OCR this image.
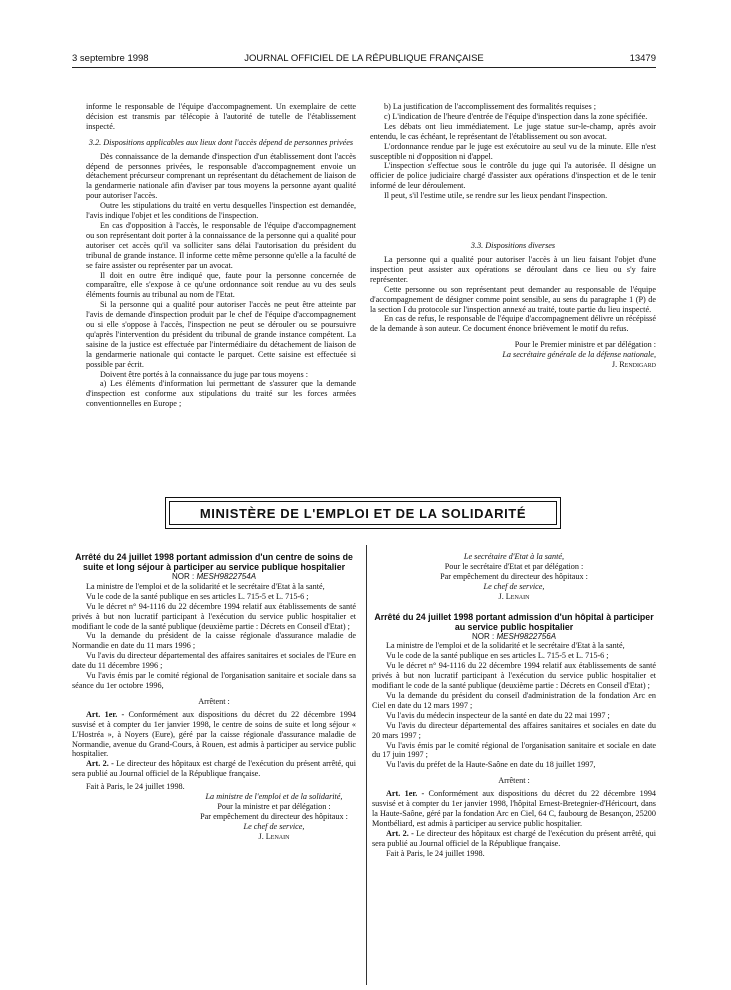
3 septembre 1998	JOURNAL OFFICIEL DE LA RÉPUBLIQUE FRANÇAISE	13479

informe le responsable de l'équipe d'accompagnement. Un exemplaire de cette décision est transmis par télécopie à l'autorité de tutelle de l'établissement inspecté.

3.2. Dispositions applicables aux lieux dont l'accès dépend de personnes privées

Dès connaissance de la demande d'inspection d'un établissement dont l'accès dépend de personnes privées, le responsable d'accompagnement envoie un détachement précurseur comprenant un représentant du détachement de liaison de la gendarmerie nationale afin d'aviser par tous moyens la personne ayant qualité pour autoriser l'accès.

Outre les stipulations du traité en vertu desquelles l'inspection est demandée, l'avis indique l'objet et les conditions de l'inspection.

En cas d'opposition à l'accès, le responsable de l'équipe d'accompagnement ou son représentant doit porter à la connaissance de la personne qui a qualité pour autoriser cet accès qu'il va solliciter sans délai l'autorisation du président du tribunal de grande instance. Il informe cette même personne qu'elle a la faculté de se faire assister ou représenter par un avocat.

Il doit en outre être indiqué que, faute pour la personne concernée de comparaître, elle s'expose à ce qu'une ordonnance soit rendue au vu des seuls éléments fournis au tribunal au nom de l'Etat.

Si la personne qui a qualité pour autoriser l'accès ne peut être atteinte par l'avis de demande d'inspection produit par le chef de l'équipe d'accompagnement ou si elle s'oppose à l'accès, l'inspection ne peut se dérouler ou se poursuivre qu'après l'intervention du président du tribunal de grande instance compétent. La saisine de la justice est effectuée par l'intermédiaire du détachement de liaison de la gendarmerie nationale qui contacte le parquet. Cette saisine est effectuée si possible par écrit.

Doivent être portés à la connaissance du juge par tous moyens :

a) Les éléments d'information lui permettant de s'assurer que la demande d'inspection est conforme aux stipulations du traité sur les forces armées conventionnelles en Europe ;

b) La justification de l'accomplissement des formalités requises ;

c) L'indication de l'heure d'entrée de l'équipe d'inspection dans la zone spécifiée.

Les débats ont lieu immédiatement. Le juge statue sur-le-champ, après avoir entendu, le cas échéant, le représentant de l'établissement ou son avocat.

L'ordonnance rendue par le juge est exécutoire au seul vu de la minute. Elle n'est susceptible ni d'opposition ni d'appel.

L'inspection s'effectue sous le contrôle du juge qui l'a autorisée. Il désigne un officier de police judiciaire chargé d'assister aux opérations d'inspection et de le tenir informé de leur déroulement.

Il peut, s'il l'estime utile, se rendre sur les lieux pendant l'inspection.

3.3. Dispositions diverses

La personne qui a qualité pour autoriser l'accès à un lieu faisant l'objet d'une inspection peut assister aux opérations se déroulant dans ce lieu ou s'y faire représenter.

Cette personne ou son représentant peut demander au responsable de l'équipe d'accompagnement de désigner comme point sensible, au sens du paragraphe 1 (P) de la section I du protocole sur l'inspection annexé au traité, toute partie du lieu inspecté.

En cas de refus, le responsable de l'équipe d'accompagnement délivre un récépissé de la demande à son auteur. Ce document énonce brièvement le motif du refus.

Pour le Premier ministre et par délégation :

La secrétaire générale de la défense nationale,

J. Rendigard

MINISTÈRE DE L'EMPLOI ET DE LA SOLIDARITÉ

Arrêté du 24 juillet 1998 portant admission d'un centre de soins de suite et long séjour à participer au service publique hospitalier

NOR : MESH9822754A

La ministre de l'emploi et de la solidarité et le secrétaire d'Etat à la santé,

Vu le code de la santé publique en ses articles L. 715-5 et L. 715-6 ;

Vu le décret n° 94-1116 du 22 décembre 1994 relatif aux établissements de santé privés à but non lucratif participant à l'exécution du service public hospitalier et modifiant le code de la santé publique (deuxième partie : Décrets en Conseil d'Etat) ;

Vu la demande du président de la caisse régionale d'assurance maladie de Normandie en date du 11 mars 1996 ;

Vu l'avis du directeur départemental des affaires sanitaires et sociales de l'Eure en date du 11 décembre 1996 ;

Vu l'avis émis par le comité régional de l'organisation sanitaire et sociale dans sa séance du 1er octobre 1996,

Arrêtent :

Art. 1er. - Conformément aux dispositions du décret du 22 décembre 1994 susvisé et à compter du 1er janvier 1998, le centre de soins de suite et long séjour « L'Hostréa », à Noyers (Eure), géré par la caisse régionale d'assurance maladie de Normandie, avenue du Grand-Cours, à Rouen, est admis à participer au service public hospitalier.

Art. 2. - Le directeur des hôpitaux est chargé de l'exécution du présent arrêté, qui sera publié au Journal officiel de la République française.

Fait à Paris, le 24 juillet 1998.

La ministre de l'emploi et de la solidarité,

Pour la ministre et par délégation :

Par empêchement du directeur des hôpitaux :

Le chef de service,

J. Lenain

Le secrétaire d'Etat à la santé,

Pour le secrétaire d'Etat et par délégation :

Par empêchement du directeur des hôpitaux :

Le chef de service,

J. Lenain

Arrêté du 24 juillet 1998 portant admission d'un hôpital à participer au service public hospitalier

NOR : MESH9822756A

La ministre de l'emploi et de la solidarité et le secrétaire d'Etat à la santé,

Vu le code de la santé publique en ses articles L. 715-5 et L. 715-6 ;

Vu le décret n° 94-1116 du 22 décembre 1994 relatif aux établissements de santé privés à but non lucratif participant à l'exécution du service public hospitalier et modifiant le code de la santé publique (deuxième partie : Décrets en Conseil d'Etat) ;

Vu la demande du président du conseil d'administration de la fondation Arc en Ciel en date du 12 mars 1997 ;

Vu l'avis du médecin inspecteur de la santé en date du 22 mai 1997 ;

Vu l'avis du directeur départemental des affaires sanitaires et sociales en date du 20 mars 1997 ;

Vu l'avis émis par le comité régional de l'organisation sanitaire et sociale en date du 17 juin 1997 ;

Vu l'avis du préfet de la Haute-Saône en date du 18 juillet 1997,

Arrêtent :

Art. 1er. - Conformément aux dispositions du décret du 22 décembre 1994 susvisé et à compter du 1er janvier 1998, l'hôpital Ernest-Bretegnier-d'Héricourt, dans la Haute-Saône, géré par la fondation Arc en Ciel, 64 C, faubourg de Besançon, 25200 Montbéliard, est admis à participer au service public hospitalier.

Art. 2. - Le directeur des hôpitaux est chargé de l'exécution du présent arrêté, qui sera publié au Journal officiel de la République française.

Fait à Paris, le 24 juillet 1998.
